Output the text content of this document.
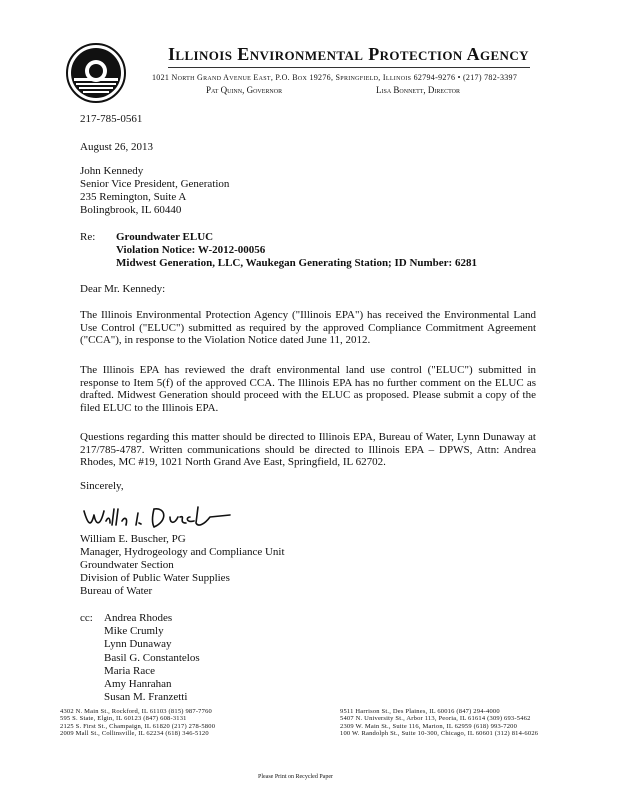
Illinois Environmental Protection Agency
1021 North Grand Avenue East, P.O. Box 19276, Springfield, Illinois 62794-9276 • (217) 782-3397
Pat Quinn, Governor	Lisa Bonnett, Director
217-785-0561
August 26, 2013
John Kennedy
Senior Vice President, Generation
235 Remington, Suite A
Bolingbrook, IL 60440
Re: Groundwater ELUC
Violation Notice: W-2012-00056
Midwest Generation, LLC, Waukegan Generating Station; ID Number: 6281
Dear Mr. Kennedy:
The Illinois Environmental Protection Agency ("Illinois EPA") has received the Environmental Land Use Control ("ELUC") submitted as required by the approved Compliance Commitment Agreement ("CCA"), in response to the Violation Notice dated June 11, 2012.
The Illinois EPA has reviewed the draft environmental land use control ("ELUC") submitted in response to Item 5(f) of the approved CCA. The Illinois EPA has no further comment on the ELUC as drafted. Midwest Generation should proceed with the ELUC as proposed. Please submit a copy of the filed ELUC to the Illinois EPA.
Questions regarding this matter should be directed to Illinois EPA, Bureau of Water, Lynn Dunaway at 217/785-4787. Written communications should be directed to Illinois EPA – DPWS, Attn: Andrea Rhodes, MC #19, 1021 North Grand Ave East, Springfield, IL 62702.
Sincerely,
William E. Buscher, PG
Manager, Hydrogeology and Compliance Unit
Groundwater Section
Division of Public Water Supplies
Bureau of Water
cc: Andrea Rhodes
Mike Crumly
Lynn Dunaway
Basil G. Constantelos
Maria Race
Amy Hanrahan
Susan M. Franzetti
4302 N. Main St., Rockford, IL 61103 (815) 987-7760
595 S. State, Elgin, IL 60123 (847) 608-3131
2125 S. First St., Champaign, IL 61820 (217) 278-5800
2009 Mall St., Collinsville, IL 62234 (618) 346-5120
9511 Harrison St., Des Plaines, IL 60016 (847) 294-4000
5407 N. University St., Arbor 113, Peoria, IL 61614 (309) 693-5462
2309 W. Main St., Suite 116, Marion, IL 62959 (618) 993-7200
100 W. Randolph St., Suite 10-300, Chicago, IL 60601 (312) 814-6026
Please Print on Recycled Paper
